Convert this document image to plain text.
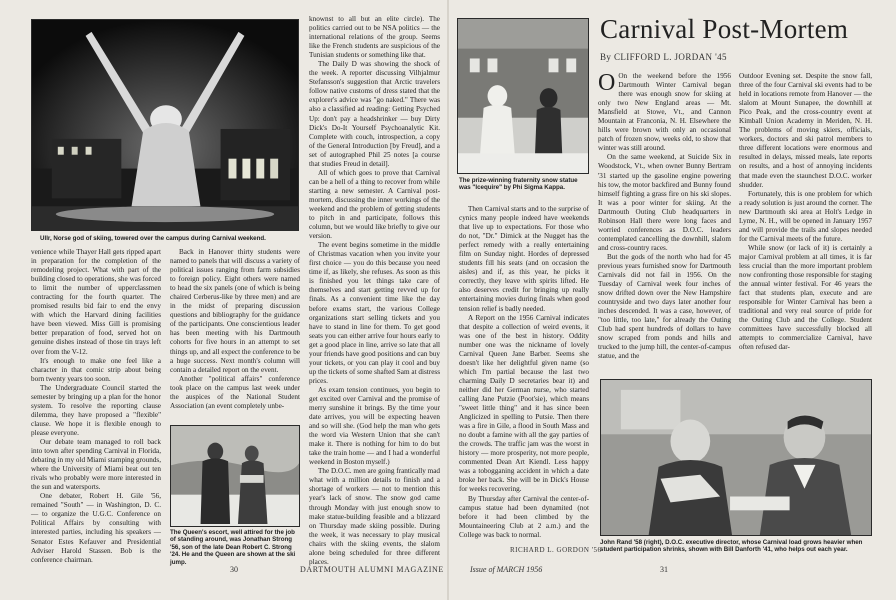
Ullr, Norse god of skiing, towered over the campus during Carnival weekend.

venience while Thayer Hall gets ripped apart in preparation for the completion of the remodeling project. What with part of the building closed to operations, she was forced to limit the number of upperclassmen contracting for the fourth quarter. The promised results bid fair to end the envy with which the Harvard dining facilities have been viewed. Miss Gill is promising better preparation of food, served hot on genuine dishes instead of those tin trays left over from the V-12.

It's enough to make one feel like a character in that comic strip about being born twenty years too soon.

The Undergraduate Council started the semester by bringing up a plan for the honor system. To resolve the reporting clause dilemma, they have proposed a "flexible" clause. We hope it is flexible enough to please everyone.

Our debate team managed to roll back into town after spending Carnival in Florida, debating in my old Miami stamping grounds, where the University of Miami beat out ten rivals who probably were more interested in the sun and watersports.

One debater, Robert H. Gile '56, remained "South" — in Washington, D. C. — to organize the U.G.C. Conference on Political Affairs by consulting with interested parties, including his speakers — Senator Estes Kefauver and Presidential Adviser Harold Stassen. Bob is the conference chairman.

Back in Hanover thirty students were named to panels that will discuss a variety of political issues ranging from farm subsidies to foreign policy. Eight others were named to head the six panels (one of which is being chaired Cerberus-like by three men) and are in the midst of preparing discussion questions and bibliography for the guidance of the participants. One conscientious leader has been meeting with his Dartmouth cohorts for five hours in an attempt to set things up, and all expect the conference to be a huge success. Next month's column will contain a detailed report on the event.

Another "political affairs" conference took place on the campus last week under the auspices of the National Student Association (an event completely unbe-

The Queen's escort, well attired for the job of standing around, was Jonathan Strong '56, son of the late Dean Robert C. Strong '24. He and the Queen are shown at the ski jump.

knownst to all but an elite circle). The politics carried out to be NSA politics — the international relations of the group. Seems like the French students are suspicious of the Tunisian students or something like that.

The Daily D was showing the shock of the week. A reporter discussing Vilhjalmur Stefansson's suggestion that Arctic travelers follow native customs of dress stated that the explorer's advice was "go naked." There was also a classified ad reading: Getting Psyched Up: don't pay a headshrinker — buy Dirty Dick's Do-It Yourself Psychoanalytic Kit. Complete with couch, introspection, a copy of the General Introduction [by Freud], and a set of autographed Phil 25 notes [a course that studies Freud in detail].

All of which goes to prove that Carnival can be a hell of a thing to recover from while starting a new semester. A Carnival post-mortem, discussing the inner workings of the weekend and the problem of getting students to pitch in and participate, follows this column, but we would like briefly to give our version.

The event begins sometime in the middle of Christmas vacation when you invite your first choice — you do this because you need time if, as likely, she refuses. As soon as this is finished you let things take care of themselves and start getting revved up for finals. As a convenient time like the day before exams start, the various College organizations start selling tickets and you have to stand in line for them. To get good seats you can either arrive four hours early to get a good place in line, arrive so late that all your friends have good positions and can buy your tickets, or you can play it cool and buy up the tickets of some shafted Sam at distress prices.

As exam tension continues, you begin to get excited over Carnival and the promise of merry sunshine it brings. By the time your date arrives, you will be expecting heaven and so will she. (God help the man who gets the word via Western Union that she can't make it. There is nothing for him to do but take the train home — and I had a wonderful weekend in Boston myself.)

The D.O.C. men are going frantically mad what with a million details to finish and a shortage of workers — not to mention this year's lack of snow. The snow god came through Monday with just enough snow to make statue-building feasible and a blizzard on Thursday made skiing possible. During the week, it was necessary to play musical chairs with the skiing events, the slalom alone being scheduled for three different places.

30	DARTMOUTH ALUMNI MAGAZINE
The prize-winning fraternity snow statue was "Icequire" by Phi Sigma Kappa.
Carnival Post-Mortem
By CLIFFORD L. JORDAN '45

Then Carnival starts and to the surprise of cynics many people indeed have weekends that live up to expectations. For those who do not, "Dr." Dimick at the Nugget has the perfect remedy with a really entertaining film on Sunday night. Hordes of depressed students fill his seats (and on occasion the aisles) and if, as this year, he picks it correctly, they leave with spirits lifted. He also deserves credit for bringing up really entertaining movies during finals when good tension relief is badly needed.

A Report on the 1956 Carnival indicates that despite a collection of weird events, it was one of the best in history. Oddity number one was the nickname of lovely Carnival Queen Jane Barber. Seems she doesn't like her delightful given name (so which I'm partial because the last two charming Daily D secretaries bear it) and neither did her German nurse, who started calling Jane Putzie (Poot'sie), which means "sweet little thing" and it has since been Anglicized in spelling to Putsie. Then there was a fire in Gile, a flood in South Mass and no doubt a famine with all the gay parties of the crowds. The traffic jam was the worst in history — more prosperity, not more people, commented Dean Art Kiendl. Less happy was a tobogganing accident in which a date broke her back. She will be in Dick's House for weeks recovering.

By Thursday after Carnival the center-of-campus statue had been dynamited (not before it had been climbed by the Mountaineering Club at 2 a.m.) and the College was back to normal.

RICHARD L. GORDON '56

O On the weekend before the 1956 Dartmouth Winter Carnival began there was enough snow for skiing at only two New England areas — Mt. Mansfield at Stowe, Vt., and Cannon Mountain at Franconia, N. H. Elsewhere the hills were brown with only an occasional patch of frozen snow, weeks old, to show that winter was still around.

On the same weekend, at Suicide Six in Woodstock, Vt., when owner Bunny Bertram '31 started up the gasoline engine powering his tow, the motor backfired and Bunny found himself fighting a grass fire on his ski slopes. It was a poor winter for skiing. At the Dartmouth Outing Club headquarters in Robinson Hall there were long faces and worried conferences as D.O.C. leaders contemplated cancelling the downhill, slalom and cross-country races.

But the gods of the north who had for 45 previous years furnished snow for Dartmouth Carnivals did not fail in 1956. On the Tuesday of Carnival week four inches of snow drifted down over the New Hampshire countryside and two days later another four inches descended. It was a case, however, of "too little, too late," for already the Outing Club had spent hundreds of dollars to have snow scraped from ponds and hills and trucked to the jump hill, the center-of-campus statue, and the

Outdoor Evening set. Despite the snow fall, three of the four Carnival ski events had to be held in locations remote from Hanover — the slalom at Mount Sunapee, the downhill at Pico Peak, and the cross-country event at Kimball Union Academy in Meriden, N. H. The problems of moving skiers, officials, workers, doctors and ski patrol members to three different locations were enormous and resulted in delays, missed meals, late reports on results, and a host of annoying incidents that made even the staunchest D.O.C. worker shudder.

Fortunately, this is one problem for which a ready solution is just around the corner. The new Dartmouth ski area at Holt's Ledge in Lyme, N. H., will be opened in January 1957 and will provide the trails and slopes needed for the Carnival meets of the future.

While snow (or lack of it) is certainly a major Carnival problem at all times, it is far less crucial than the more important problem now confronting those responsible for staging the annual winter festival. For 46 years the fact that students plan, execute and are responsible for Winter Carnival has been a traditional and very real source of pride for the Outing Club and the College. Student committees have successfully blocked all attempts to commercialize Carnival, have often refused dar-

John Rand '58 (right), D.O.C. executive director, whose Carnival load grows heavier when student participation shrinks, shown with Bill Danforth '41, who helps out each year.
Issue of MARCH 1956	31
